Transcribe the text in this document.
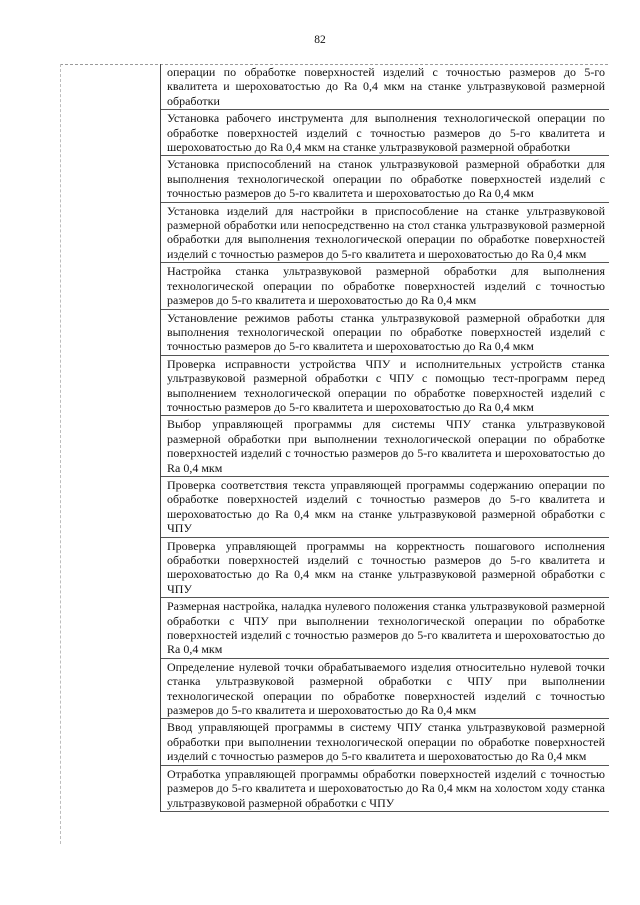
82
операции по обработке поверхностей изделий с точностью размеров до 5-го квалитета и шероховатостью до Ra 0,4 мкм на станке ультразвуковой размерной обработки
Установка рабочего инструмента для выполнения технологической операции по обработке поверхностей изделий с точностью размеров до 5-го квалитета и шероховатостью до Ra 0,4 мкм на станке ультразвуковой размерной обработки
Установка приспособлений на станок ультразвуковой размерной обработки для выполнения технологической операции по обработке поверхностей изделий с точностью размеров до 5-го квалитета и шероховатостью до Ra 0,4 мкм
Установка изделий для настройки в приспособление на станке ультразвуковой размерной обработки или непосредственно на стол станка ультразвуковой размерной обработки для выполнения технологической операции по обработке поверхностей изделий с точностью размеров до 5-го квалитета и шероховатостью до Ra 0,4 мкм
Настройка станка ультразвуковой размерной обработки для выполнения технологической операции по обработке поверхностей изделий с точностью размеров до 5-го квалитета и шероховатостью до Ra 0,4 мкм
Установление режимов работы станка ультразвуковой размерной обработки для выполнения технологической операции по обработке поверхностей изделий с точностью размеров до 5-го квалитета и шероховатостью до Ra 0,4 мкм
Проверка исправности устройства ЧПУ и исполнительных устройств станка ультразвуковой размерной обработки с ЧПУ с помощью тест-программ перед выполнением технологической операции по обработке поверхностей изделий с точностью размеров до 5-го квалитета и шероховатостью до Ra 0,4 мкм
Выбор управляющей программы для системы ЧПУ станка ультразвуковой размерной обработки при выполнении технологической операции по обработке поверхностей изделий с точностью размеров до 5-го квалитета и шероховатостью до Ra 0,4 мкм
Проверка соответствия текста управляющей программы содержанию операции по обработке поверхностей изделий с точностью размеров до 5-го квалитета и шероховатостью до Ra 0,4 мкм на станке ультразвуковой размерной обработки с ЧПУ
Проверка управляющей программы на корректность пошагового исполнения обработки поверхностей изделий с точностью размеров до 5-го квалитета и шероховатостью до Ra 0,4 мкм на станке ультразвуковой размерной обработки с ЧПУ
Размерная настройка, наладка нулевого положения станка ультразвуковой размерной обработки с ЧПУ при выполнении технологической операции по обработке поверхностей изделий с точностью размеров до 5-го квалитета и шероховатостью до Ra 0,4 мкм
Определение нулевой точки обрабатываемого изделия относительно нулевой точки станка ультразвуковой размерной обработки с ЧПУ при выполнении технологической операции по обработке поверхностей изделий с точностью размеров до 5-го квалитета и шероховатостью до Ra 0,4 мкм
Ввод управляющей программы в систему ЧПУ станка ультразвуковой размерной обработки при выполнении технологической операции по обработке поверхностей изделий с точностью размеров до 5-го квалитета и шероховатостью до Ra 0,4 мкм
Отработка управляющей программы обработки поверхностей изделий с точностью размеров до 5-го квалитета и шероховатостью до Ra 0,4 мкм на холостом ходу станка ультразвуковой размерной обработки с ЧПУ
